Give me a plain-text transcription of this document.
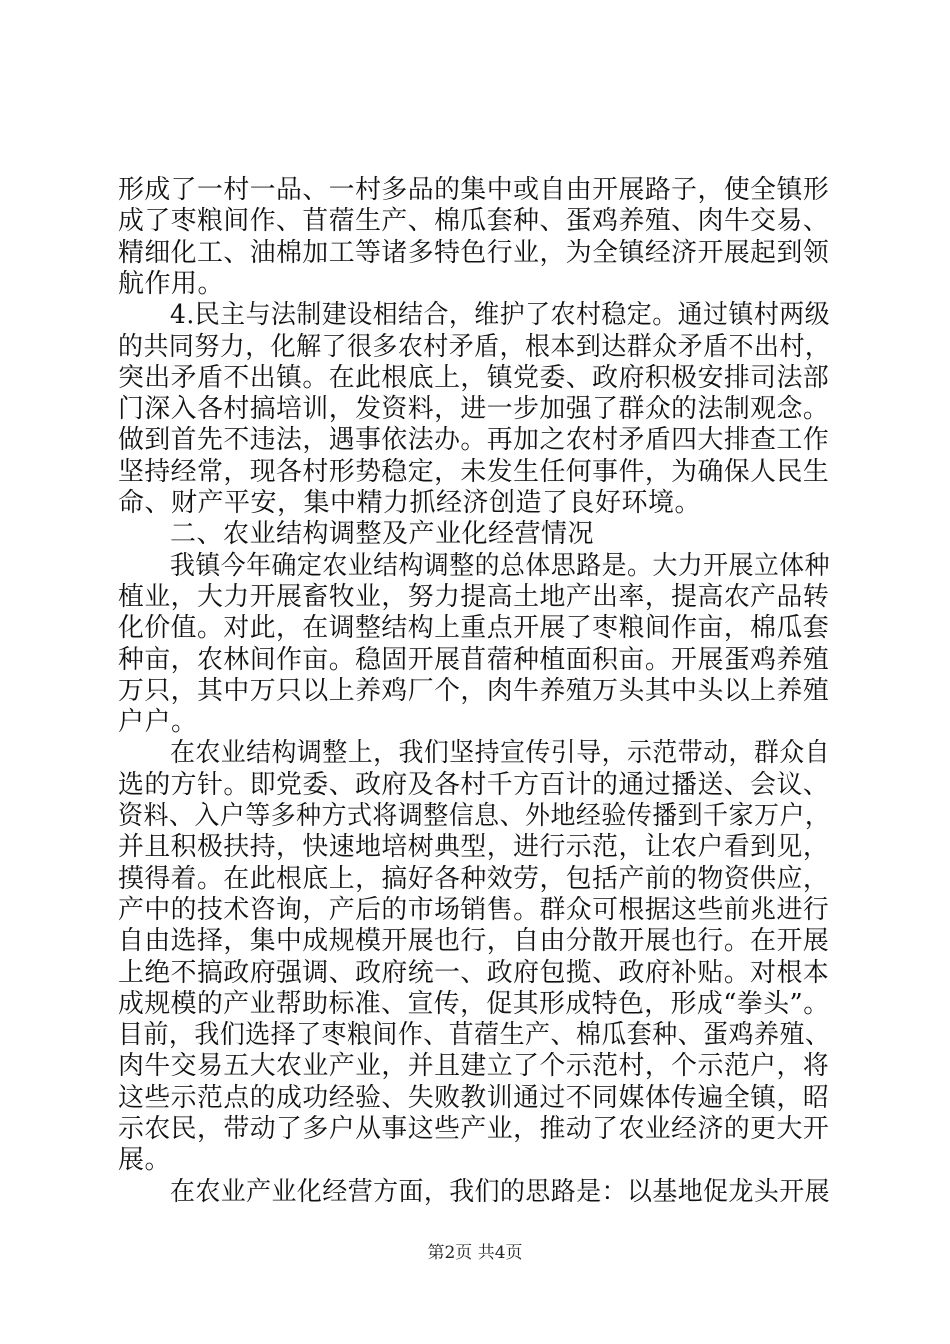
形成了一村一品、一村多品的集中或自由开展路子，使全镇形
成了枣粮间作、苜蓿生产、棉瓜套种、蛋鸡养殖、肉牛交易、
精细化工、油棉加工等诸多特色行业，为全镇经济开展起到领
航作用。
4.民主与法制建设相结合，维护了农村稳定。通过镇村两级
的共同努力，化解了很多农村矛盾，根本到达群众矛盾不出村，
突出矛盾不出镇。在此根底上，镇党委、政府积极安排司法部
门深入各村搞培训，发资料，进一步加强了群众的法制观念。
做到首先不违法，遇事依法办。再加之农村矛盾四大排查工作
坚持经常，现各村形势稳定，未发生任何事件，为确保人民生
命、财产平安，集中精力抓经济创造了良好环境。
二、农业结构调整及产业化经营情况
我镇今年确定农业结构调整的总体思路是。大力开展立体种
植业，大力开展畜牧业，努力提高土地产出率，提高农产品转
化价值。对此，在调整结构上重点开展了枣粮间作亩，棉瓜套
种亩，农林间作亩。稳固开展苜蓿种植面积亩。开展蛋鸡养殖
万只，其中万只以上养鸡厂个，肉牛养殖万头其中头以上养殖
户户。
在农业结构调整上，我们坚持宣传引导，示范带动，群众自
选的方针。即党委、政府及各村千方百计的通过播送、会议、
资料、入户等多种方式将调整信息、外地经验传播到千家万户，
并且积极扶持，快速地培树典型，进行示范，让农户看到见，
摸得着。在此根底上，搞好各种效劳，包括产前的物资供应，
产中的技术咨询，产后的市场销售。群众可根据这些前兆进行
自由选择，集中成规模开展也行，自由分散开展也行。在开展
上绝不搞政府强调、政府统一、政府包揽、政府补贴。对根本
成规模的产业帮助标准、宣传，促其形成特色，形成“拳头”。
目前，我们选择了枣粮间作、苜蓿生产、棉瓜套种、蛋鸡养殖、
肉牛交易五大农业产业，并且建立了个示范村，个示范户，将
这些示范点的成功经验、失败教训通过不同媒体传遍全镇，昭
示农民，带动了多户从事这些产业，推动了农业经济的更大开
展。
第2页 共4页
在农业产业化经营方面，我们的思路是：以基地促龙头开展
